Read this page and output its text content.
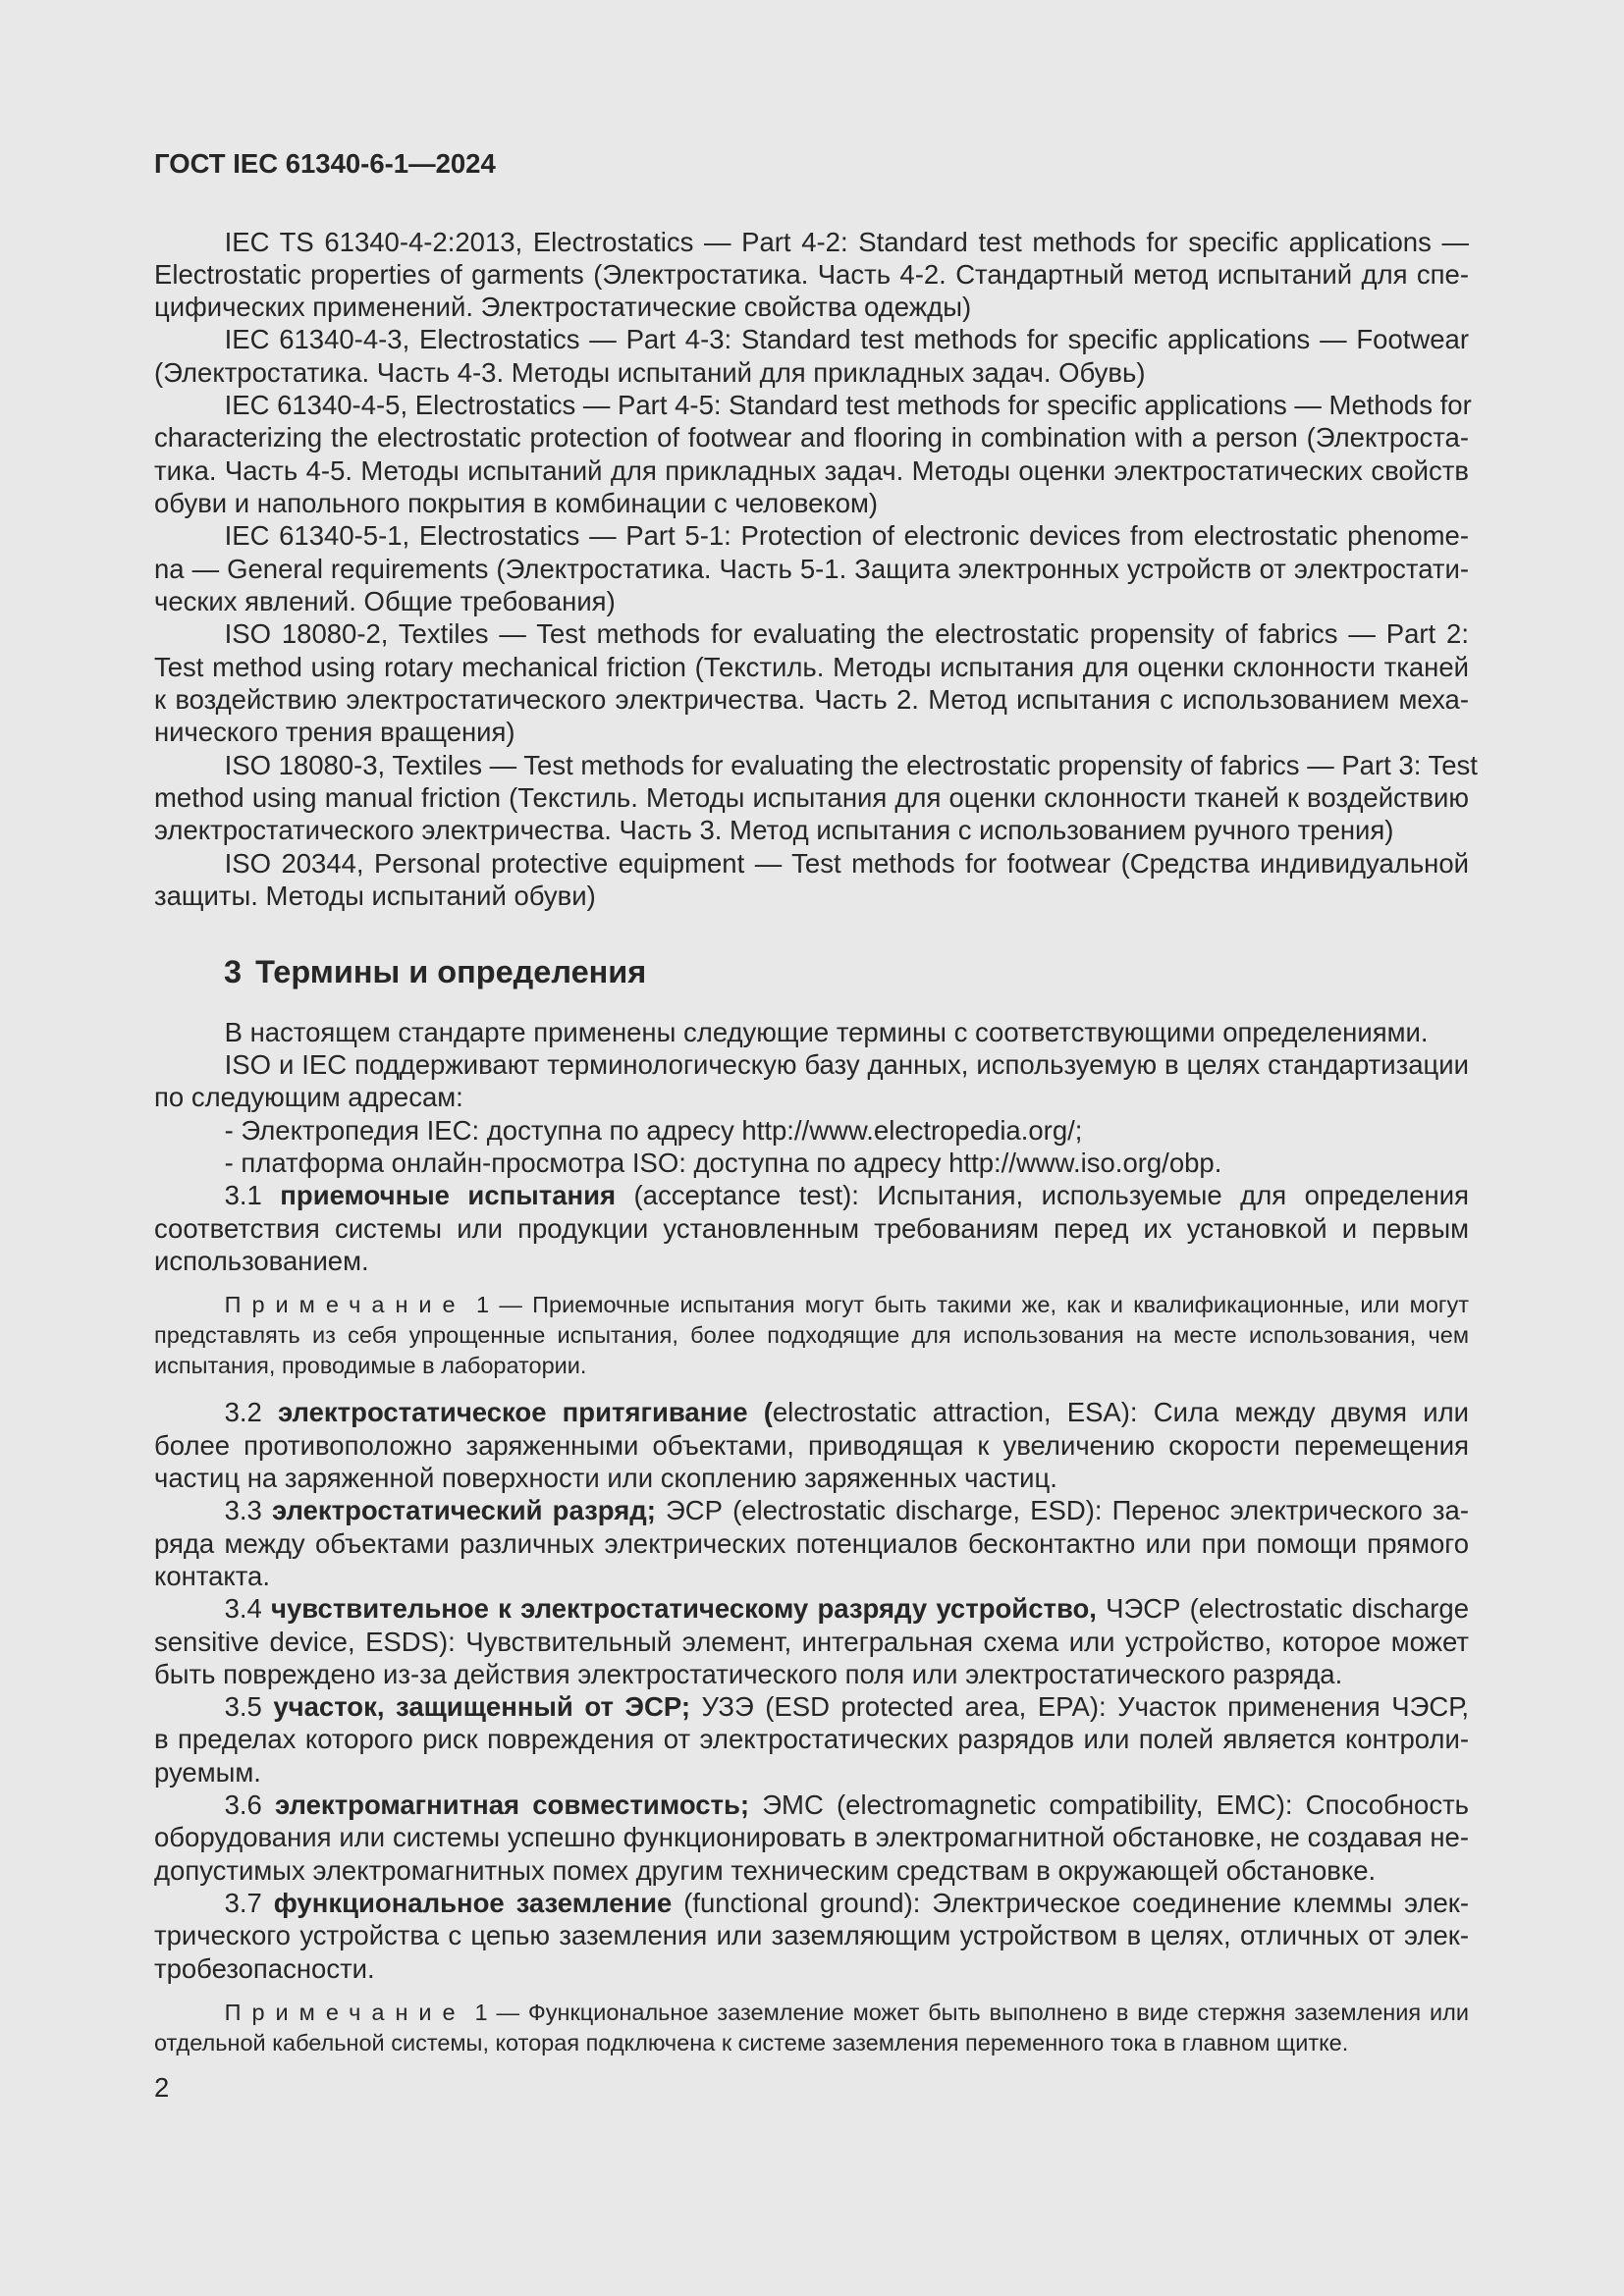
ГОСТ IEC 61340-6-1—2024
IEC TS 61340-4-2:2013, Electrostatics — Part 4-2: Standard test methods for specific applications —
Electrostatic properties of garments (Электростатика. Часть 4-2. Стандартный метод испытаний для спе-
цифических применений. Электростатические свойства одежды)
IEC 61340-4-3, Electrostatics — Part 4-3: Standard test methods for specific applications — Footwear
(Электростатика. Часть 4-3. Методы испытаний для прикладных задач. Обувь)
IEC 61340-4-5, Electrostatics — Part 4-5: Standard test methods for specific applications — Methods for
characterizing the electrostatic protection of footwear and flooring in combination with a person (Электроста-
тика. Часть 4-5. Методы испытаний для прикладных задач. Методы оценки электростатических свойств
обуви и напольного покрытия в комбинации с человеком)
IEC 61340-5-1, Electrostatics — Part 5-1: Protection of electronic devices from electrostatic phenome-
na — General requirements (Электростатика. Часть 5-1. Защита электронных устройств от электростати-
ческих явлений. Общие требования)
ISO 18080-2, Textiles — Test methods for evaluating the electrostatic propensity of fabrics — Part 2:
Test method using rotary mechanical friction (Текстиль. Методы испытания для оценки склонности тканей
к воздействию электростатического электричества. Часть 2. Метод испытания с использованием меха-
нического трения вращения)
ISO 18080-3, Textiles — Test methods for evaluating the electrostatic propensity of fabrics — Part 3: Test
method using manual friction (Текстиль. Методы испытания для оценки склонности тканей к воздействию
электростатического электричества. Часть 3. Метод испытания с использованием ручного трения)
ISO 20344, Personal protective equipment — Test methods for footwear (Средства индивидуальной
защиты. Методы испытаний обуви)
3 Термины и определения
В настоящем стандарте применены следующие термины с соответствующими определениями.
ISO и IEC поддерживают терминологическую базу данных, используемую в целях стандартизации
по следующим адресам:
- Электропедия IEC: доступна по адресу http://www.electropedia.org/;
- платформа онлайн-просмотра ISO: доступна по адресу http://www.iso.org/obp.
3.1 приемочные испытания (acceptance test): Испытания, используемые для определения
соответствия системы или продукции установленным требованиям перед их установкой и первым
использованием.
Примечание 1 — Приемочные испытания могут быть такими же, как и квалификационные, или могут
представлять из себя упрощенные испытания, более подходящие для использования на месте использования, чем
испытания, проводимые в лаборатории.
3.2 электростатическое притягивание (electrostatic attraction, ESA): Сила между двумя или
более противоположно заряженными объектами, приводящая к увеличению скорости перемещения
частиц на заряженной поверхности или скоплению заряженных частиц.
3.3 электростатический разряд; ЭСР (electrostatic discharge, ESD): Перенос электрического за-
ряда между объектами различных электрических потенциалов бесконтактно или при помощи прямого
контакта.
3.4 чувствительное к электростатическому разряду устройство, ЧЭСР (electrostatic discharge
sensitive device, ESDS): Чувствительный элемент, интегральная схема или устройство, которое может
быть повреждено из-за действия электростатического поля или электростатического разряда.
3.5 участок, защищенный от ЭСР; УЗЭ (ESD protected area, EPA): Участок применения ЧЭСР,
в пределах которого риск повреждения от электростатических разрядов или полей является контроли-
руемым.
3.6 электромагнитная совместимость; ЭМС (electromagnetic compatibility, EMC): Способность
оборудования или системы успешно функционировать в электромагнитной обстановке, не создавая не-
допустимых электромагнитных помех другим техническим средствам в окружающей обстановке.
3.7 функциональное заземление (functional ground): Электрическое соединение клеммы элек-
трического устройства с цепью заземления или заземляющим устройством в целях, отличных от элек-
тробезопасности.
Примечание 1 — Функциональное заземление может быть выполнено в виде стержня заземления или
отдельной кабельной системы, которая подключена к системе заземления переменного тока в главном щитке.
2
